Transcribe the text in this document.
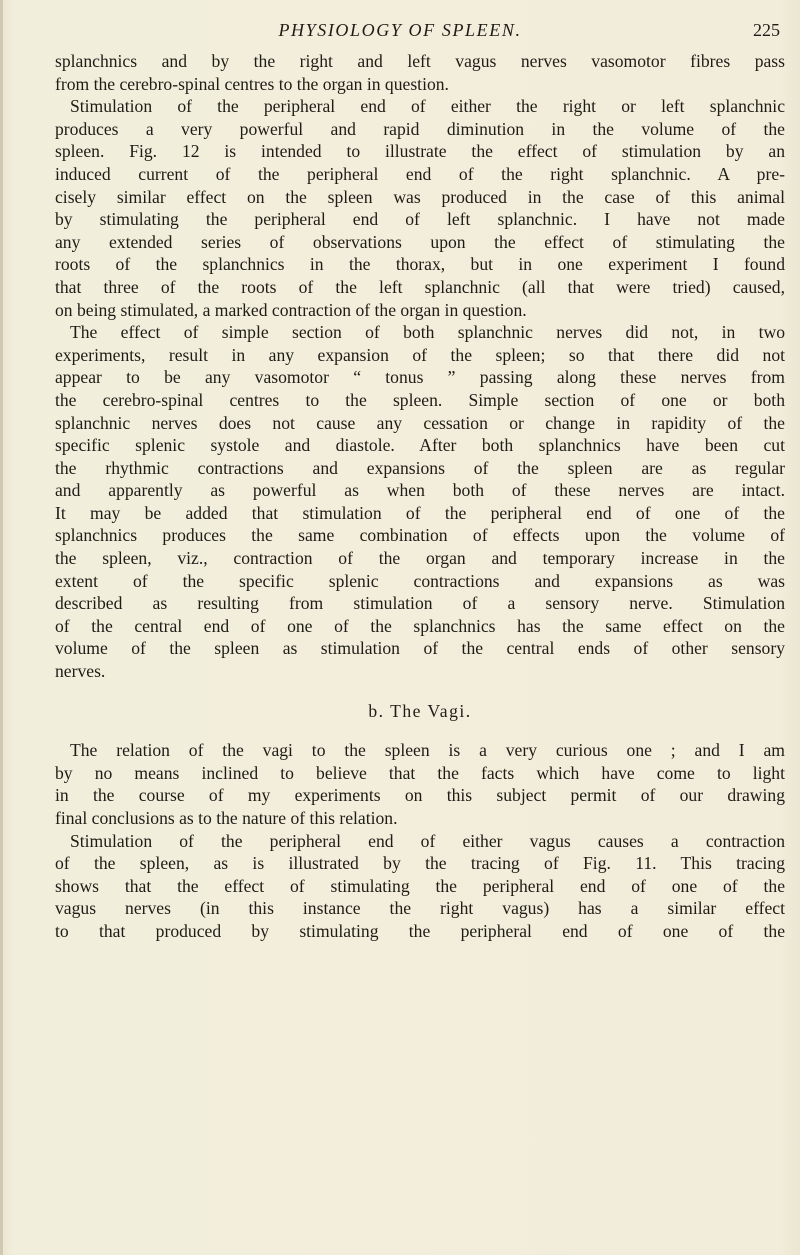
PHYSIOLOGY OF SPLEEN.	225
splanchnics and by the right and left vagus nerves vasomotor fibres pass
from the cerebro-spinal centres to the organ in question.
Stimulation of the peripheral end of either the right or left splanchnic
produces a very powerful and rapid diminution in the volume of the
spleen. Fig. 12 is intended to illustrate the effect of stimulation by an
induced current of the peripheral end of the right splanchnic. A pre-
cisely similar effect on the spleen was produced in the case of this animal
by stimulating the peripheral end of left splanchnic. I have not made
any extended series of observations upon the effect of stimulating the
roots of the splanchnics in the thorax, but in one experiment I found
that three of the roots of the left splanchnic (all that were tried) caused,
on being stimulated, a marked contraction of the organ in question.
The effect of simple section of both splanchnic nerves did not, in two
experiments, result in any expansion of the spleen; so that there did not
appear to be any vasomotor “ tonus ” passing along these nerves from
the cerebro-spinal centres to the spleen. Simple section of one or both
splanchnic nerves does not cause any cessation or change in rapidity of the
specific splenic systole and diastole. After both splanchnics have been cut
the rhythmic contractions and expansions of the spleen are as regular
and apparently as powerful as when both of these nerves are intact.
It may be added that stimulation of the peripheral end of one of the
splanchnics produces the same combination of effects upon the volume of
the spleen, viz., contraction of the organ and temporary increase in the
extent of the specific splenic contractions and expansions as was
described as resulting from stimulation of a sensory nerve. Stimulation
of the central end of one of the splanchnics has the same effect on the
volume of the spleen as stimulation of the central ends of other sensory
nerves.
b. The Vagi.
The relation of the vagi to the spleen is a very curious one ; and I am
by no means inclined to believe that the facts which have come to light
in the course of my experiments on this subject permit of our drawing
final conclusions as to the nature of this relation.
Stimulation of the peripheral end of either vagus causes a contraction
of the spleen, as is illustrated by the tracing of Fig. 11. This tracing
shows that the effect of stimulating the peripheral end of one of the
vagus nerves (in this instance the right vagus) has a similar effect
to that produced by stimulating the peripheral end of one of the
